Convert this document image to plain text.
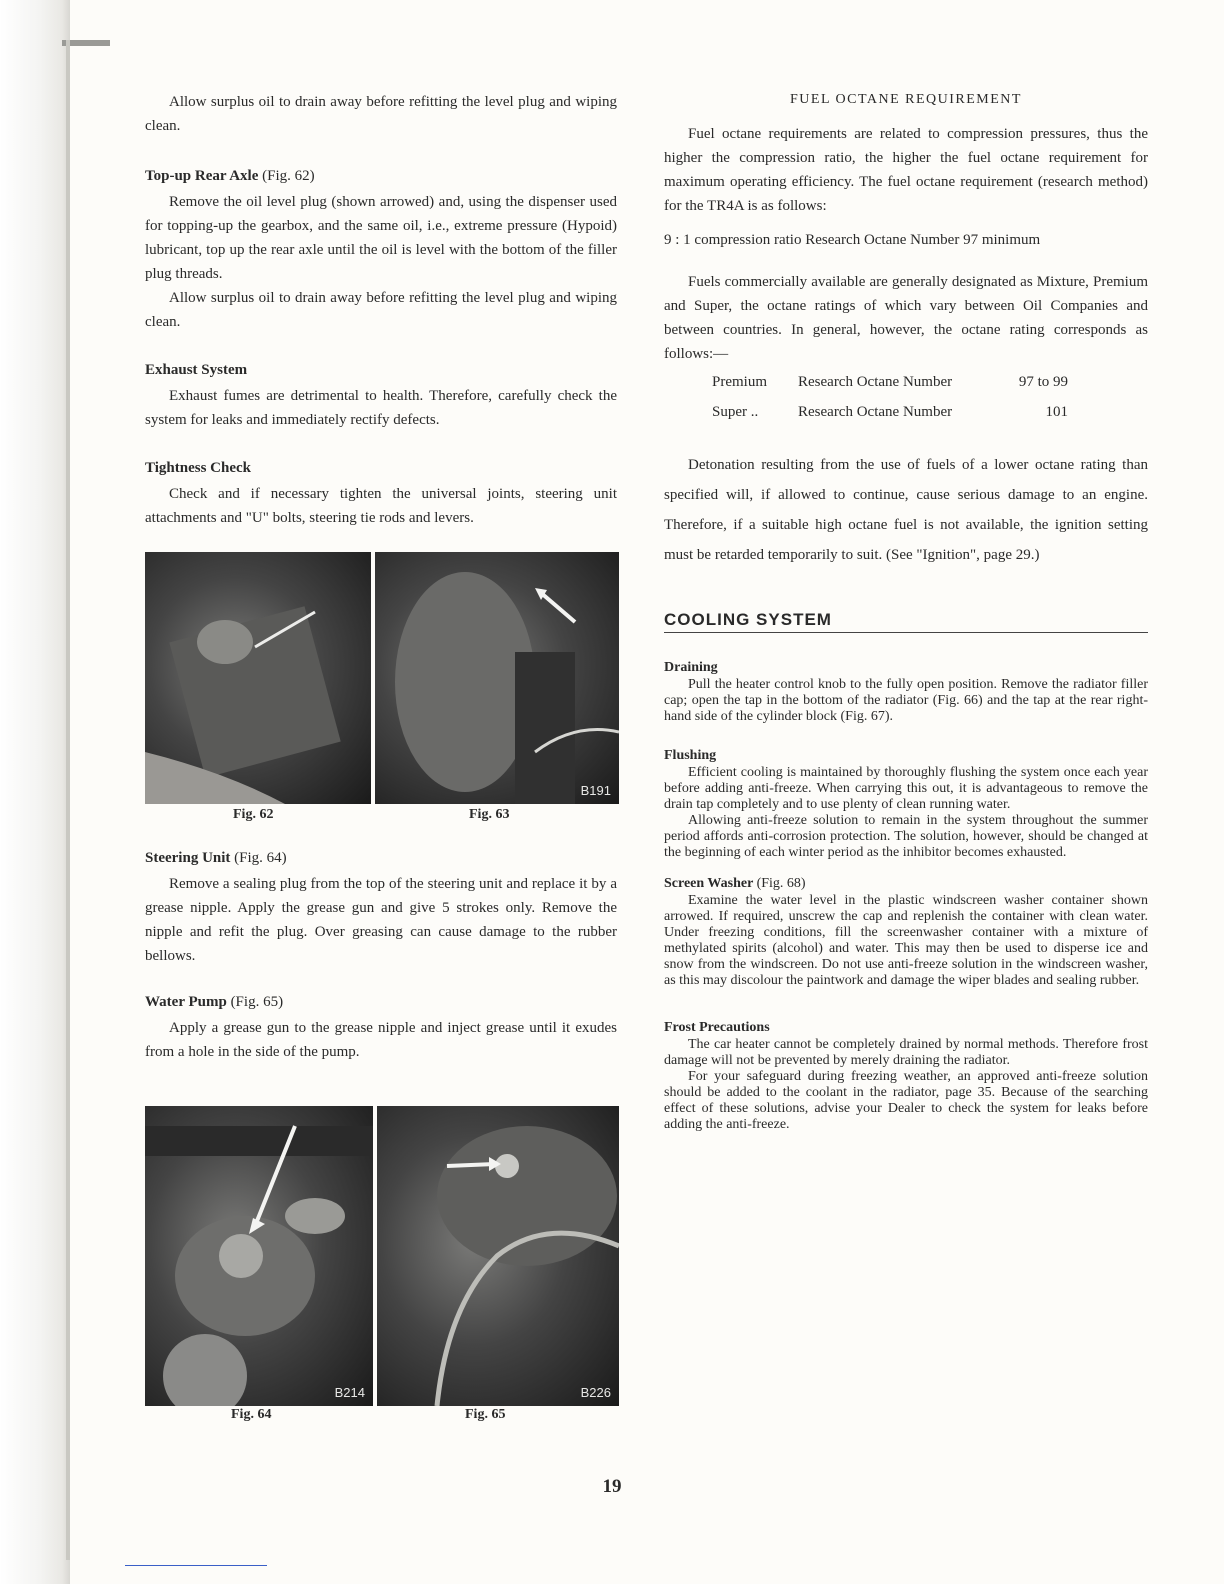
Allow surplus oil to drain away before refitting the level plug and wiping clean.

Top-up Rear Axle (Fig. 62)

Remove the oil level plug (shown arrowed) and, using the dispenser used for topping-up the gearbox, and the same oil, i.e., extreme pressure (Hypoid) lubricant, top up the rear axle until the oil is level with the bottom of the filler plug threads.

Allow surplus oil to drain away before refitting the level plug and wiping clean.

Exhaust System

Exhaust fumes are detrimental to health. Therefore, carefully check the system for leaks and immediately rectify defects.

Tightness Check

Check and if necessary tighten the universal joints, steering unit attachments and "U" bolts, steering tie rods and levers.

B191
Fig. 62	Fig. 63
Steering Unit (Fig. 64)

Remove a sealing plug from the top of the steering unit and replace it by a grease nipple. Apply the grease gun and give 5 strokes only. Remove the nipple and refit the plug. Over greasing can cause damage to the rubber bellows.

Water Pump (Fig. 65)

Apply a grease gun to the grease nipple and inject grease until it exudes from a hole in the side of the pump.

B214	B226
Fig. 64	Fig. 65
FUEL OCTANE REQUIREMENT

Fuel octane requirements are related to compression pressures, thus the higher the compression ratio, the higher the fuel octane requirement for maximum operating efficiency. The fuel octane requirement (research method) for the TR4A is as follows:

9 : 1 compression ratio Research Octane Number 97 minimum

Fuels commercially available are generally designated as Mixture, Premium and Super, the octane ratings of which vary between Oil Companies and between countries. In general, however, the octane rating corresponds as follows:—

Premium	Research Octane Number	97 to 99
Super ..	Research Octane Number	101

Detonation resulting from the use of fuels of a lower octane rating than specified will, if allowed to continue, cause serious damage to an engine. Therefore, if a suitable high octane fuel is not available, the ignition setting must be retarded temporarily to suit. (See "Ignition", page 29.)

COOLING SYSTEM
Draining

Pull the heater control knob to the fully open position. Remove the radiator filler cap; open the tap in the bottom of the radiator (Fig. 66) and the tap at the rear right-hand side of the cylinder block (Fig. 67).

Flushing

Efficient cooling is maintained by thoroughly flushing the system once each year before adding anti-freeze. When carrying this out, it is advantageous to remove the drain tap completely and to use plenty of clean running water.

Allowing anti-freeze solution to remain in the system throughout the summer period affords anti-corrosion protection. The solution, however, should be changed at the beginning of each winter period as the inhibitor becomes exhausted.

Screen Washer (Fig. 68)

Examine the water level in the plastic windscreen washer container shown arrowed. If required, unscrew the cap and replenish the container with clean water. Under freezing conditions, fill the screenwasher container with a mixture of methylated spirits (alcohol) and water. This may then be used to disperse ice and snow from the windscreen. Do not use anti-freeze solution in the windscreen washer, as this may discolour the paintwork and damage the wiper blades and sealing rubber.

Frost Precautions

The car heater cannot be completely drained by normal methods. Therefore frost damage will not be prevented by merely draining the radiator.

For your safeguard during freezing weather, an approved anti-freeze solution should be added to the coolant in the radiator, page 35. Because of the searching effect of these solutions, advise your Dealer to check the system for leaks before adding the anti-freeze.

19
